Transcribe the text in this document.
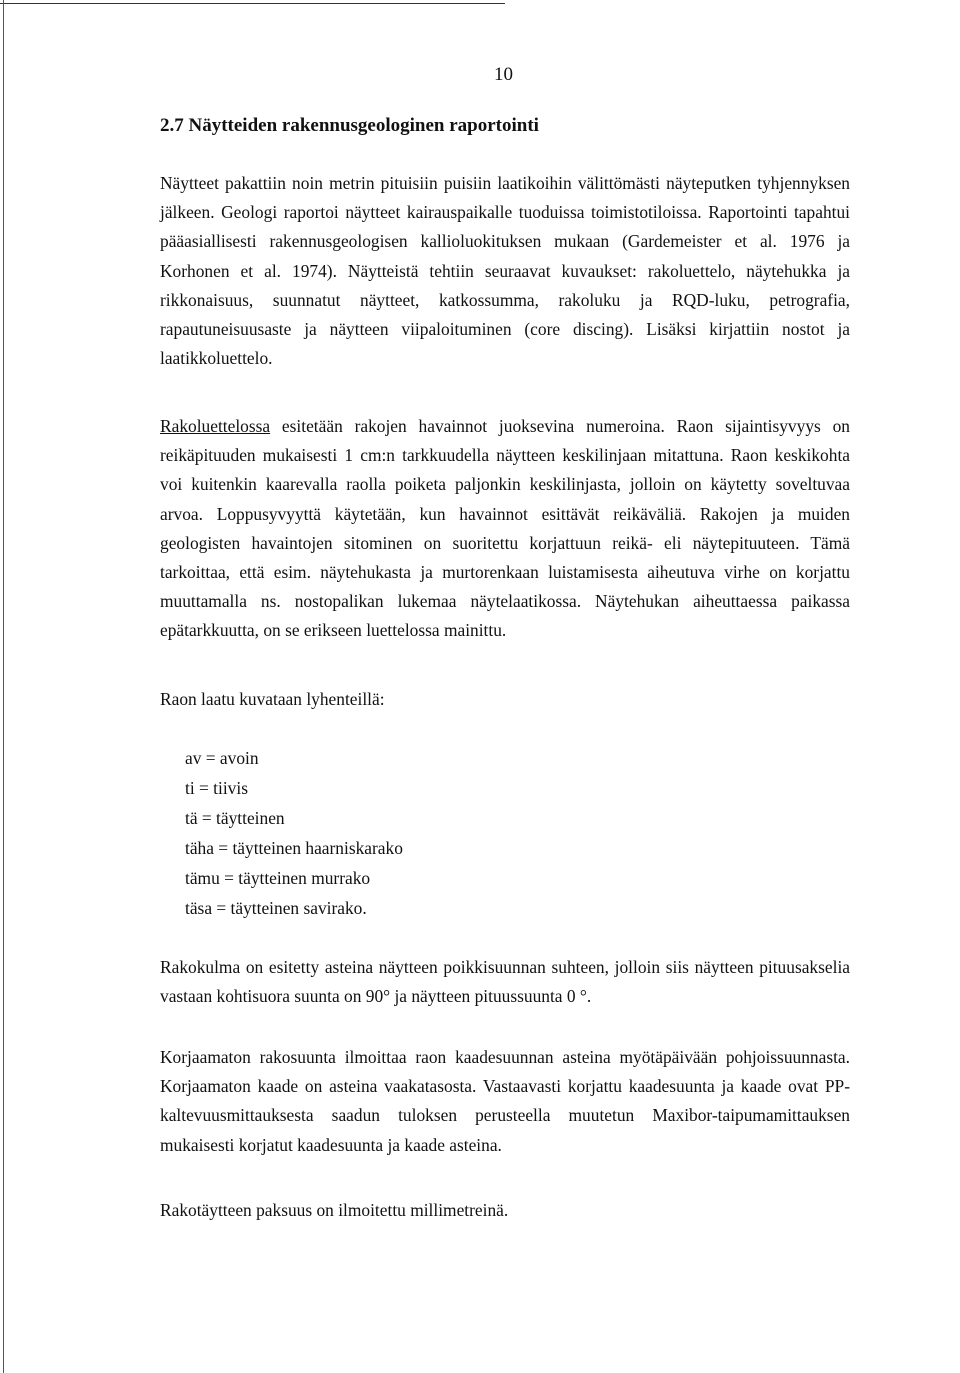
10
2.7 Näytteiden rakennusgeologinen raportointi

Näytteet pakattiin noin metrin pituisiin puisiin laatikoihin välittömästi näyteputken tyhjennyksen jälkeen. Geologi raportoi näytteet kairauspaikalle tuoduissa toimistotiloissa. Raportointi tapahtui pääasiallisesti rakennusgeologisen kallioluokituksen mukaan (Gardemeister et al. 1976 ja Korhonen et al. 1974). Näytteistä tehtiin seuraavat kuvaukset: rakoluettelo, näytehukka ja rikkonaisuus, suunnatut näytteet, katkossumma, rakoluku ja RQD-luku, petrografia, rapautuneisuusaste ja näytteen viipaloituminen (core discing). Lisäksi kirjattiin nostot ja laatikkoluettelo.

Rakoluettelossa esitetään rakojen havainnot juoksevina numeroina. Raon sijaintisyvyys on reikäpituuden mukaisesti 1 cm:n tarkkuudella näytteen keskilinjaan mitattuna. Raon keskikohta voi kuitenkin kaarevalla raolla poiketa paljonkin keskilinjasta, jolloin on käytetty soveltuvaa arvoa. Loppusyvyyttä käytetään, kun havainnot esittävät reikäväliä. Rakojen ja muiden geologisten havaintojen sitominen on suoritettu korjattuun reikä- eli näytepituuteen. Tämä tarkoittaa, että esim. näytehukasta ja murtorenkaan luistamisesta aiheutuva virhe on korjattu muuttamalla ns. nostopalikan lukemaa näytelaatikossa. Näytehukan aiheuttaessa paikassa epätarkkuutta, on se erikseen luettelossa mainittu.

Raon laatu kuvataan lyhenteillä:

av = avoin
ti = tiivis
tä = täytteinen
täha = täytteinen haarniskarako
tämu = täytteinen murrako
täsa = täytteinen savirako.

Rakokulma on esitetty asteina näytteen poikkisuunnan suhteen, jolloin siis näytteen pituusakselia vastaan kohtisuora suunta on 90° ja näytteen pituussuunta 0 °.

Korjaamaton rakosuunta ilmoittaa raon kaadesuunnan asteina myötäpäivään pohjoissuunnasta. Korjaamaton kaade on asteina vaakatasosta. Vastaavasti korjattu kaadesuunta ja kaade ovat PP-kaltevuusmittauksesta saadun tuloksen perusteella muutetun Maxibor-taipumamittauksen mukaisesti korjatut kaadesuunta ja kaade asteina.

Rakotäytteen paksuus on ilmoitettu millimetreinä.
